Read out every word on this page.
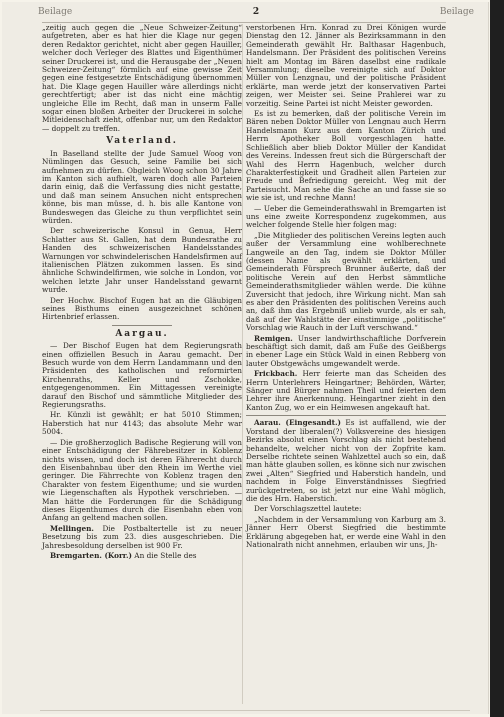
Beilage	2	Beilage

„zeitig auch gegen die „Neue Schweizer-Zeitung“ aufgetreten, aber es hat hier die Klage nur gegen deren Redaktor gerichtet, nicht aber gegen Hauiller, welcher doch Verleger des Blattes und Eigenthümer seiner Druckerei ist, und die Herausgabe der „Neuen Schweizer-Zeitung“ förmlich auf eine gewisse Zeit gegen eine festgesetzte Entschädigung übernommen hat. Die Klage gegen Hauiller wäre allerdings nicht gerechtfertigt; aber ist das nicht eine mächtig ungleiche Elle im Recht, daß man in unserm Falle sogar einen bloßen Arbeiter der Druckerei in solche Mitleidenschaft zieht, offenbar nur, um den Redaktor — doppelt zu treffen.

Vaterland.

In Baselland stellte der Jude Samuel Woog von Nümlingen das Gesuch, seine Familie bei sich aufnehmen zu dürfen. Obgleich Woog schon 30 Jahre im Kanton sich aufhielt, waren doch alle Parteien darin einig, daß die Verfassung dies nicht gestatte, und daß man seinem Ansuchen nicht entsprechen könne, bis man müsse, d. h. bis alle Kantone von Bundeswegen das Gleiche zu thun verpflichtet sein würden.

Der schweizerische Konsul in Genua, Herr Schlatter aus St. Gallen, hat dem Bundesrathe zu Handen des schweizerischen Handelsstandes Warnungen vor schwindelerischen Handelsfirmen auf italienischen Plätzen zukommen lassen. Es sind ähnliche Schwindelfirmen, wie solche in London, vor welchen letzte Jahr unser Handelsstand gewarnt wurde.

Der Hochw. Bischof Eugen hat an die Gläubigen seines Bisthums einen ausgezeichnet schönen Hirtenbrief erlassen.

Aargau.

— Der Bischof Eugen hat dem Regierungsrath einen offiziellen Besuch in Aarau gemacht. Der Besuch wurde von dem Herrn Landammann und den Präsidenten des katholischen und reformirten Kirchenraths, Keller und Zschokke, entgegengenommen. Ein Mittagessen vereinigte darauf den Bischof und sämmtliche Mitglieder des Regierungsraths.

Hr. Künzli ist gewählt; er hat 5010 Stimmen; Haberstich hat nur 4143; das absolute Mehr war 5004.

— Die großherzoglich Badische Regierung will von einer Entschädigung der Fährebesitzer in Koblenz nichts wissen, und doch ist deren Fährerecht durch den Eisenbahnbau über den Rhein im Werthe viel geringer. Die Fährrechte von Koblenz tragen den Charakter von festem Eigenthume; und sie wurden wie Liegenschaften als Hypothek verschrieben. — Man hätte die Forderungen für die Schädigung dieses Eigenthumes durch die Eisenbahn eben von Anfang an geltend machen sollen.

Mellingen. Die Postbaltertelle ist zu neuer Besetzung bis zum 23. dies ausgeschrieben. Die Jahresbesoldung derselben ist 900 Fr.

Bremgarten. (Korr.) An die Stelle des

verstorbenen Hrn. Konrad zu Drei Königen wurde Dienstag den 12. Jänner als Bezirksammann in den Gemeinderath gewählt Hr. Balthasar Hagenbuch, Handelsmann. Der Präsident des politischen Vereins hielt am Montag im Bären daselbst eine radikale Versammlung; dieselbe vereinigte sich auf Doktor Müller von Lenzgnau, und der politische Präsident erklärte, man werde jetzt der konservativen Partei zeigen, wer Meister sei. Seine Prahlerei war zu vorzeitig. Seine Partei ist nicht Meister geworden.

Es ist zu bemerken, daß der politische Verein im Bären neben Doktor Müller von Lengnau auch Herrn Handelsmann Kurz aus dem Kanton Zürich und Herrn Apotheker Boll vorgeschlagen hatte. Schließlich aber blieb Doktor Müller der Kandidat des Vereins. Indessen freut sich die Bürgerschaft der Wahl des Herrn Hagenbuch, welcher durch Charakterfestigkeit und Gradheit allen Parteien zur Freude und Befriedigung gereicht. Weg mit der Parteisucht. Man sehe die Sache an und fasse sie so wie sie ist, und rechne Mann!

— Ueber die Gemeinderathswahl in Bremgarten ist uns eine zweite Korrespondenz zugekommen, aus welcher folgende Stelle hier folgen mag:

„Die Mitglieder des politischen Vereins legten auch außer der Versammlung eine wohlberechnete Langweile an den Tag, indem sie Doktor Müller (dessen Name als gewählt erklärten, und Gemeinderath Fürsprech Brunner äußerte, daß der politische Verein auf den Herbst sämmtliche Gemeinderathsmitglieder wählen werde. Die kühne Zuversicht that jedoch, ihre Wirkung nicht. Man sah es aber den Präsidenten des politischen Vereins auch an, daß ihm das Ergebniß unlieb wurde, als er sah, daß auf der Wahlstätte der einstimmige „politische“ Vorschlag wie Rauch in der Luft verschwand.“

Remigen. Unser landwirthschaftliche Dorfverein beschäftigt sich damit, daß am Fuße des Geißbergs in ebener Lage ein Stück Wald in einen Rebberg von lauter Obstgewächs umgewandelt werde.

Frickbach. Herr feierte man das Scheiden des Herrn Unterlehrers Heingartner; Behörden, Wärter, Sänger und Bürger nahmen Theil und feierten dem Lehrer ihre Anerkennung. Heingartner zieht in den Kanton Zug, wo er ein Heimwesen angekauft hat.

Aarau. (Eingesandt.) Es ist auffallend, wie der Vorstand der liberalen(?) Volksvereine des hiesigen Bezirks absolut einen Vorschlag als nicht bestehend behandelte, welcher nicht von der Zopfrite kam. Derselbe richtete seinen Wahlzettel auch so ein, daß man hätte glauben sollen, es könne sich nur zwischen zwei „Alten“ Siegfried und Haberstich handeln, und nachdem in Folge Einverständnisses Siegfried zurückgetreten, so ist jetzt nur eine Wahl möglich, die des Hrn. Haberstich.

Der Vorschlagszettel lautete:

„Nachdem in der Versammlung von Karburg am 3. Jänner Herr Oberst Siegfried die bestimmte Erklärung abgegeben hat, er werde eine Wahl in den Nationalrath nicht annehmen, erlauben wir uns, Jh-
